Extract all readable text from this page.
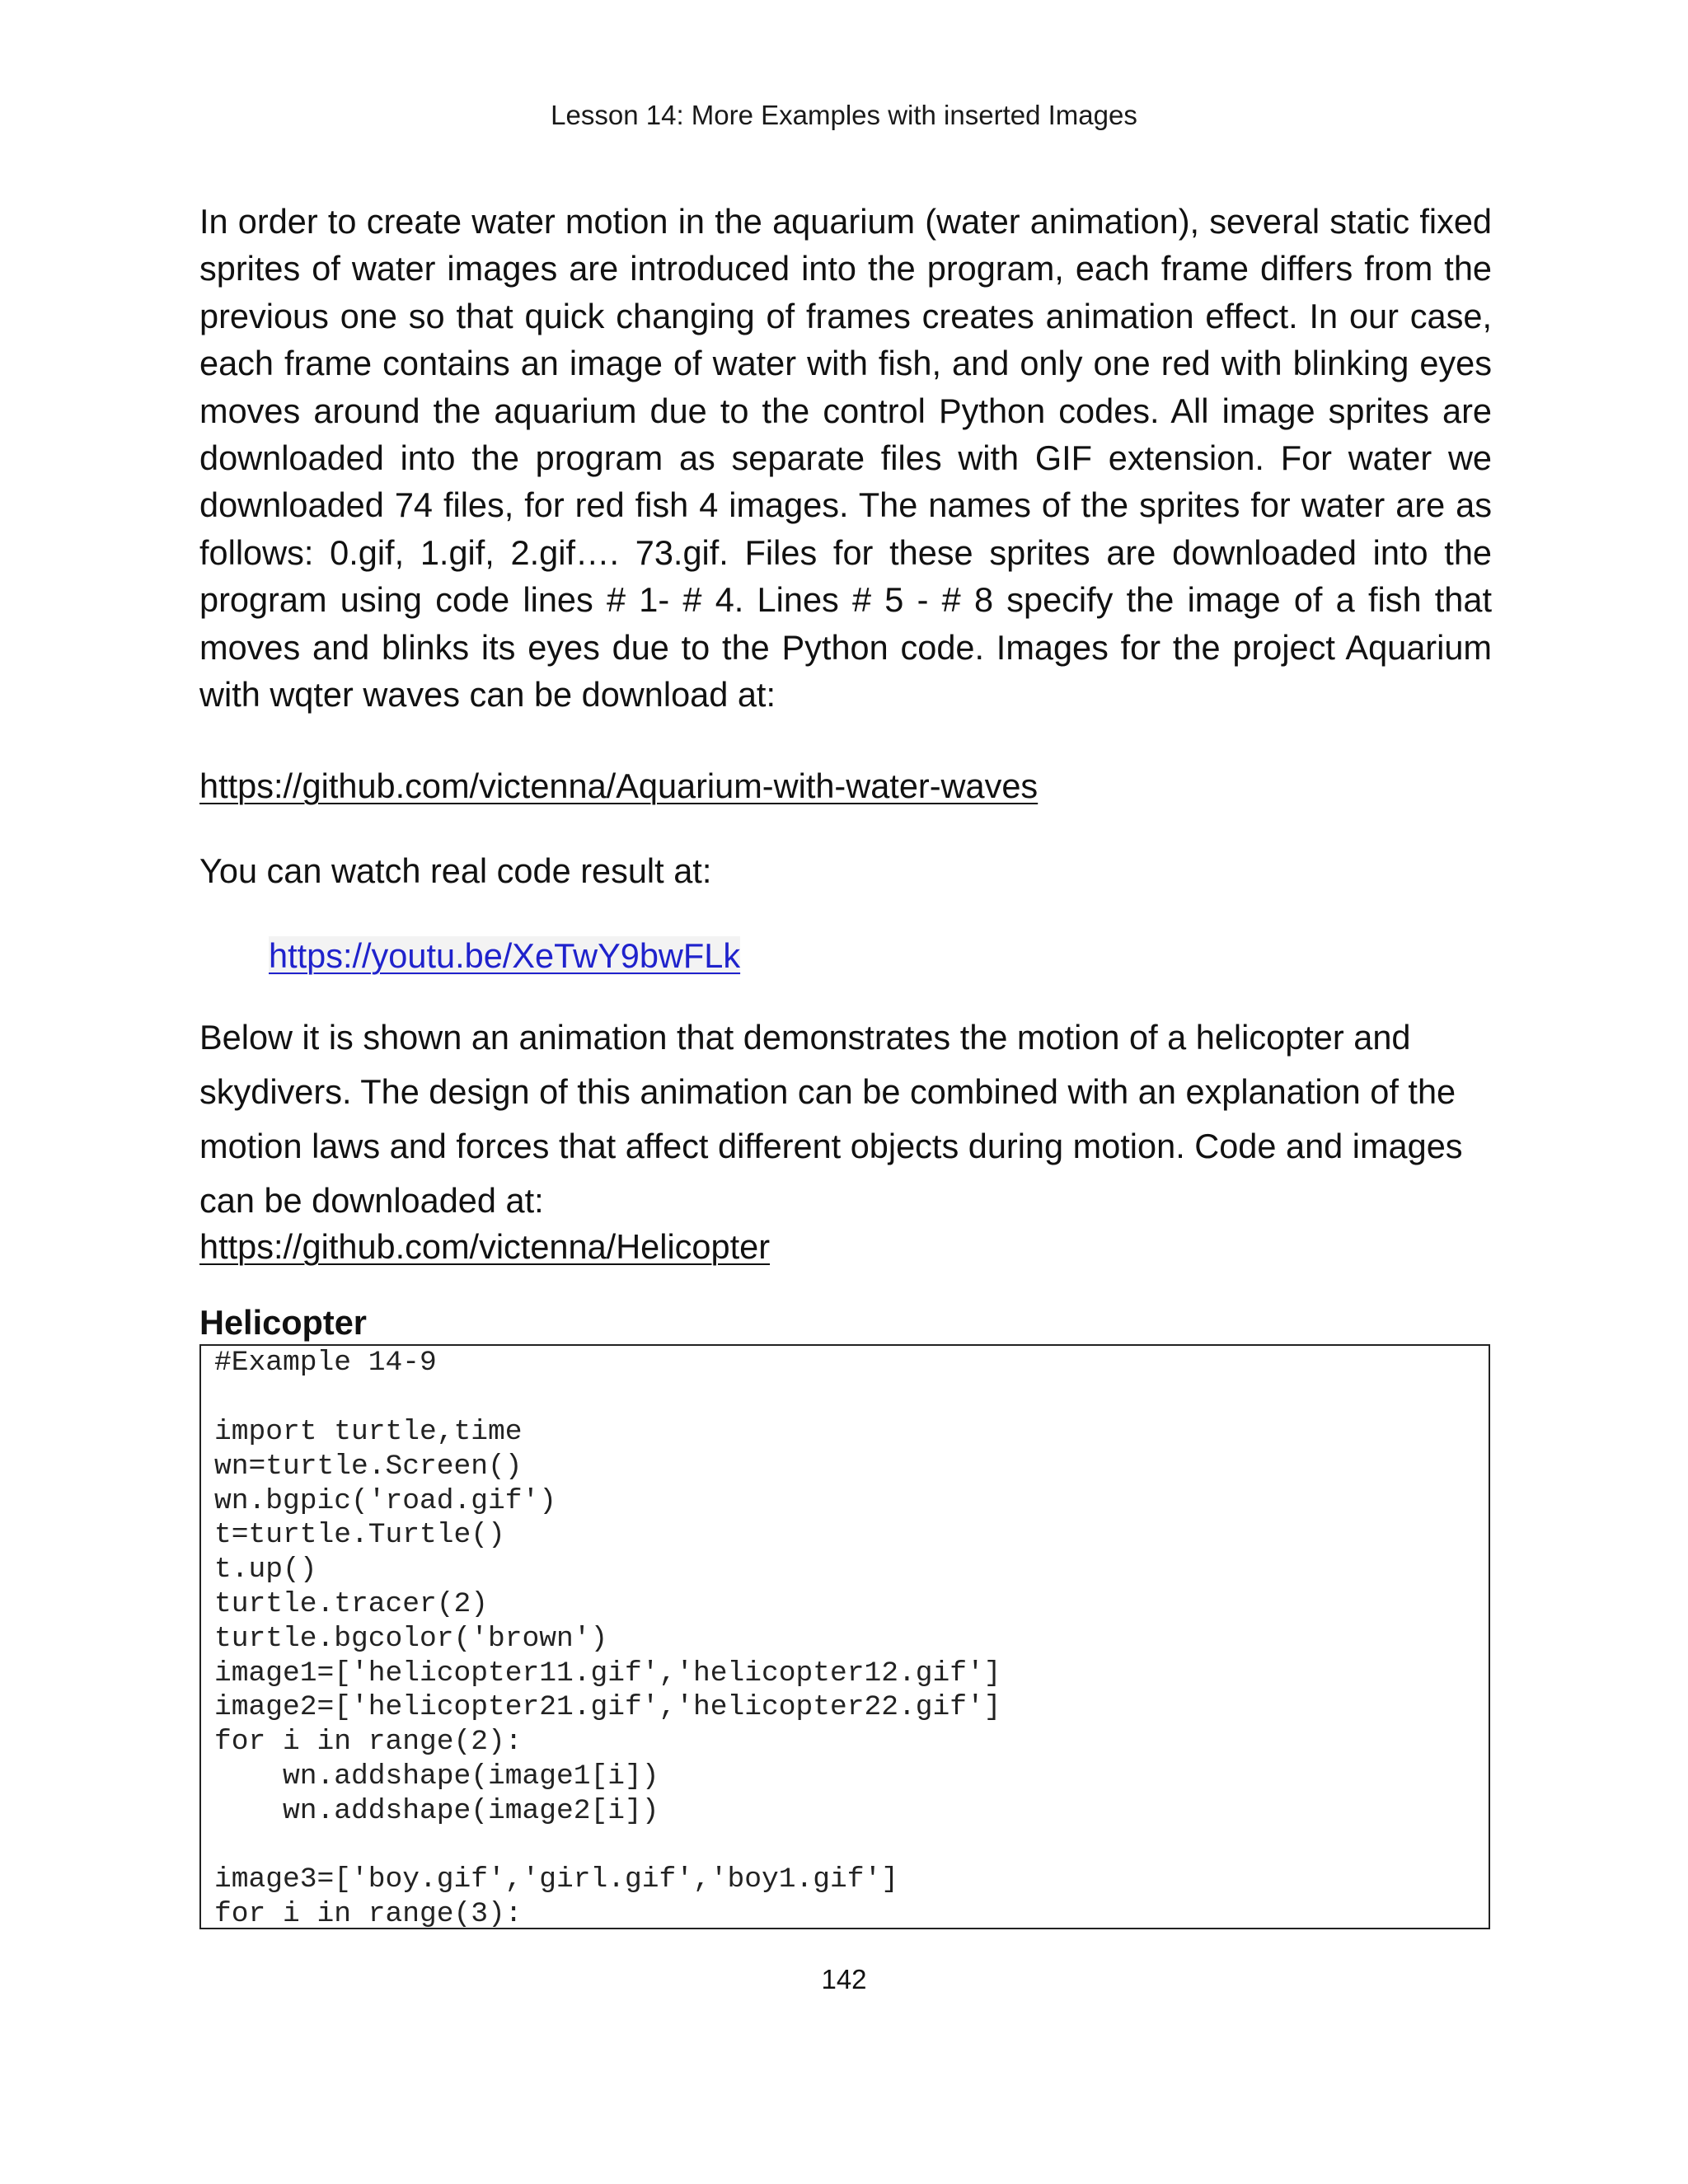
Lesson 14: More Examples with inserted Images

In order to create water motion in the aquarium (water animation), several static fixed sprites of water images are introduced into the program, each frame differs from the previous one so that quick changing of frames creates animation effect. In our case, each frame contains an image of water with fish, and only one red with blinking eyes moves around the aquarium due to the control Python codes. All image sprites are downloaded into the program as separate files with GIF extension. For water we downloaded 74 files, for red fish 4 images. The names of the sprites for water are as follows: 0.gif, 1.gif, 2.gif…. 73.gif. Files for these sprites are downloaded into the program using code lines # 1- # 4. Lines # 5 - # 8 specify the image of a fish that moves and blinks its eyes due to the Python code. Images for the project Aquarium with wqter waves can be download at:

https://github.com/victenna/Aquarium-with-water-waves

You can watch real code result at:

https://youtu.be/XeTwY9bwFLk

Below it is shown an animation that demonstrates the motion of a helicopter and skydivers. The design of this animation can be combined with an explanation of the motion laws and forces that affect different objects during motion. Code and images can be downloaded at:

https://github.com/victenna/Helicopter

Helicopter

#Example 14-9
import turtle,time
wn=turtle.Screen()
wn.bgpic('road.gif')
t=turtle.Turtle()
t.up()
turtle.tracer(2)
turtle.bgcolor('brown')
image1=['helicopter11.gif','helicopter12.gif']
image2=['helicopter21.gif','helicopter22.gif']
for i in range(2):
wn.addshape(image1[i])
wn.addshape(image2[i])
image3=['boy.gif','girl.gif','boy1.gif']
for i in range(3):
142
